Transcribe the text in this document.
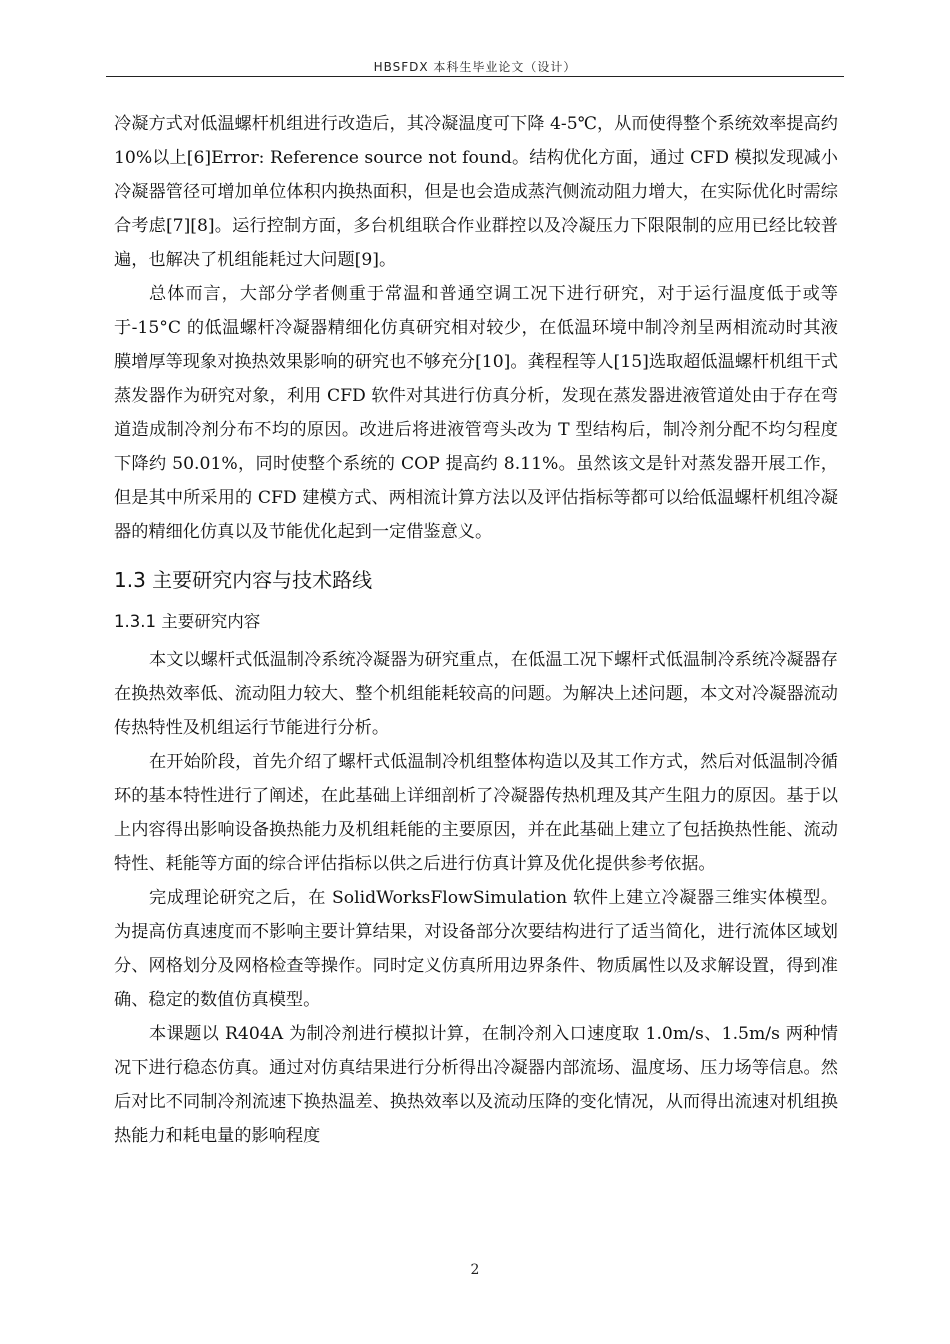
HBSFDX 本科生毕业论文（设计）

冷凝方式对低温螺杆机组进行改造后，其冷凝温度可下降 4-5℃，从而使得整个系统效率提高约 10%以上[6]Error: Reference source not found。结构优化方面，通过 CFD 模拟发现减小冷凝器管径可增加单位体积内换热面积，但是也会造成蒸汽侧流动阻力增大，在实际优化时需综合考虑[7][8]。运行控制方面，多台机组联合作业群控以及冷凝压力下限限制的应用已经比较普遍，也解决了机组能耗过大问题[9]。

总体而言，大部分学者侧重于常温和普通空调工况下进行研究，对于运行温度低于或等于-15°C 的低温螺杆冷凝器精细化仿真研究相对较少，在低温环境中制冷剂呈两相流动时其液膜增厚等现象对换热效果影响的研究也不够充分[10]。龚程程等人[15]选取超低温螺杆机组干式蒸发器作为研究对象，利用 CFD 软件对其进行仿真分析，发现在蒸发器进液管道处由于存在弯道造成制冷剂分布不均的原因。改进后将进液管弯头改为 T 型结构后，制冷剂分配不均匀程度下降约 50.01%，同时使整个系统的 COP 提高约 8.11%。虽然该文是针对蒸发器开展工作，但是其中所采用的 CFD 建模方式、两相流计算方法以及评估指标等都可以给低温螺杆机组冷凝器的精细化仿真以及节能优化起到一定借鉴意义。

1.3 主要研究内容与技术路线
1.3.1 主要研究内容

本文以螺杆式低温制冷系统冷凝器为研究重点，在低温工况下螺杆式低温制冷系统冷凝器存在换热效率低、流动阻力较大、整个机组能耗较高的问题。为解决上述问题，本文对冷凝器流动传热特性及机组运行节能进行分析。

在开始阶段，首先介绍了螺杆式低温制冷机组整体构造以及其工作方式，然后对低温制冷循环的基本特性进行了阐述，在此基础上详细剖析了冷凝器传热机理及其产生阻力的原因。基于以上内容得出影响设备换热能力及机组耗能的主要原因，并在此基础上建立了包括换热性能、流动特性、耗能等方面的综合评估指标以供之后进行仿真计算及优化提供参考依据。

完成理论研究之后，在 SolidWorksFlowSimulation 软件上建立冷凝器三维实体模型。为提高仿真速度而不影响主要计算结果，对设备部分次要结构进行了适当简化，进行流体区域划分、网格划分及网格检查等操作。同时定义仿真所用边界条件、物质属性以及求解设置，得到准确、稳定的数值仿真模型。

本课题以 R404A 为制冷剂进行模拟计算，在制冷剂入口速度取 1.0m/s、1.5m/s 两种情况下进行稳态仿真。通过对仿真结果进行分析得出冷凝器内部流场、温度场、压力场等信息。然后对比不同制冷剂流速下换热温差、换热效率以及流动压降的变化情况，从而得出流速对机组换热能力和耗电量的影响程度

2
